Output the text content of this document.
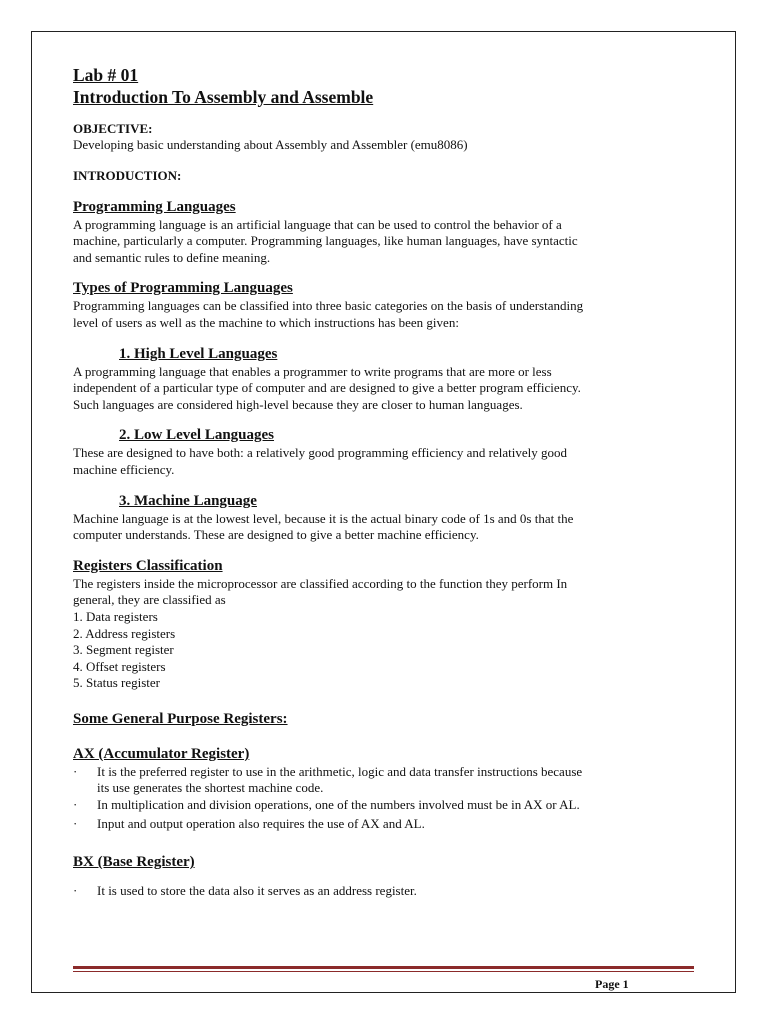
Lab # 01

Introduction To Assembly and Assemble

OBJECTIVE:

Developing basic understanding about Assembly and Assembler (emu8086)

INTRODUCTION:

Programming Languages

A programming language is an artificial language that can be used to control the behavior of a

machine, particularly a computer. Programming languages, like human languages, have syntactic

and semantic rules to define meaning.

Types of Programming Languages

Programming languages can be classified into three basic categories on the basis of understanding

level of users as well as the machine to which instructions has been given:

1. High Level Languages

A programming language that enables a programmer to write programs that are more or less

independent of a particular type of computer and are designed to give a better program efficiency.

Such languages are considered high-level because they are closer to human languages.

2. Low Level Languages

These are designed to have both: a relatively good programming efficiency and relatively good

machine efficiency.

3. Machine Language

Machine language is at the lowest level, because it is the actual binary code of 1s and 0s that the

computer understands. These are designed to give a better machine efficiency.

Registers Classification

The registers inside the microprocessor are classified according to the function they perform In

general, they are classified as

1. Data registers

2. Address registers

3. Segment register

4. Offset registers

5. Status register

Some General Purpose Registers:

AX (Accumulator Register)

· It is the preferred register to use in the arithmetic, logic and data transfer instructions because

its use generates the shortest machine code.

· In multiplication and division operations, one of the numbers involved must be in AX or AL.

· Input and output operation also requires the use of AX and AL.

BX (Base Register)

· It is used to store the data also it serves as an address register.

Page 1
